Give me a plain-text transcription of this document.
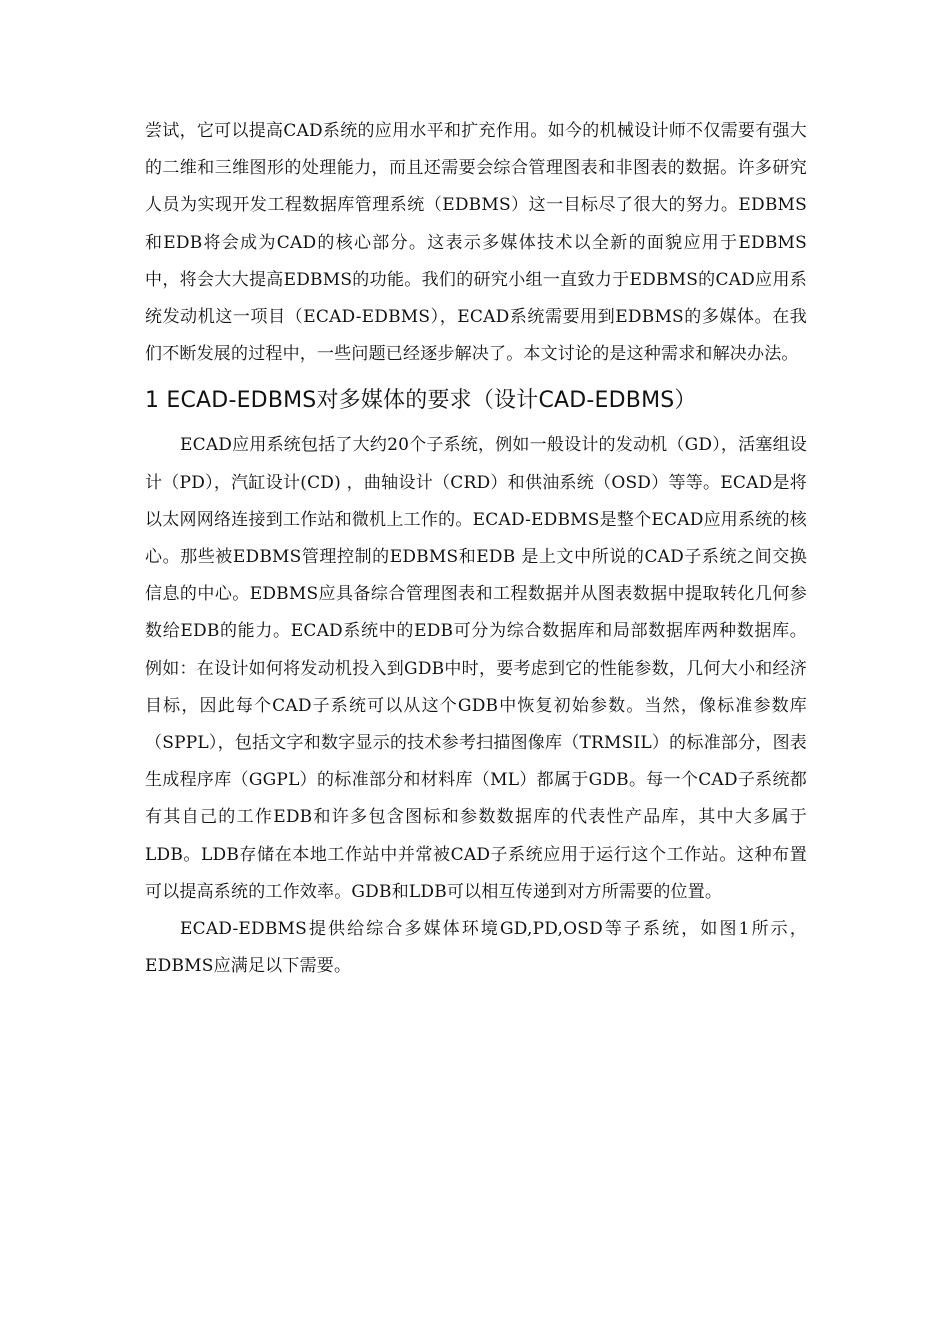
尝试，它可以提高CAD系统的应用水平和扩充作用。如今的机械设计师不仅需要有强大的二维和三维图形的处理能力，而且还需要会综合管理图表和非图表的数据。许多研究人员为实现开发工程数据库管理系统（EDBMS）这一目标尽了很大的努力。EDBMS和EDB将会成为CAD的核心部分。这表示多媒体技术以全新的面貌应用于EDBMS中，将会大大提高EDBMS的功能。我们的研究小组一直致力于EDBMS的CAD应用系统发动机这一项目（ECAD-EDBMS），ECAD系统需要用到EDBMS的多媒体。在我们不断发展的过程中，一些问题已经逐步解决了。本文讨论的是这种需求和解决办法。

1 ECAD-EDBMS对多媒体的要求（设计CAD-EDBMS）

ECAD应用系统包括了大约20个子系统，例如一般设计的发动机（GD），活塞组设计（PD），汽缸设计(CD) ，曲轴设计（CRD）和供油系统（OSD）等等。ECAD是将以太网网络连接到工作站和微机上工作的。ECAD-EDBMS是整个ECAD应用系统的核心。那些被EDBMS管理控制的EDBMS和EDB 是上文中所说的CAD子系统之间交换信息的中心。EDBMS应具备综合管理图表和工程数据并从图表数据中提取转化几何参数给EDB的能力。ECAD系统中的EDB可分为综合数据库和局部数据库两种数据库。例如：在设计如何将发动机投入到GDB中时，要考虑到它的性能参数，几何大小和经济目标，因此每个CAD子系统可以从这个GDB中恢复初始参数。当然，像标准参数库（SPPL），包括文字和数字显示的技术参考扫描图像库（TRMSIL）的标准部分，图表生成程序库（GGPL）的标准部分和材料库（ML）都属于GDB。每一个CAD子系统都有其自己的工作EDB和许多包含图标和参数数据库的代表性产品库，其中大多属于LDB。LDB存储在本地工作站中并常被CAD子系统应用于运行这个工作站。这种布置可以提高系统的工作效率。GDB和LDB可以相互传递到对方所需要的位置。

ECAD-EDBMS提供给综合多媒体环境GD,PD,OSD等子系统，如图1所示，EDBMS应满足以下需要。
